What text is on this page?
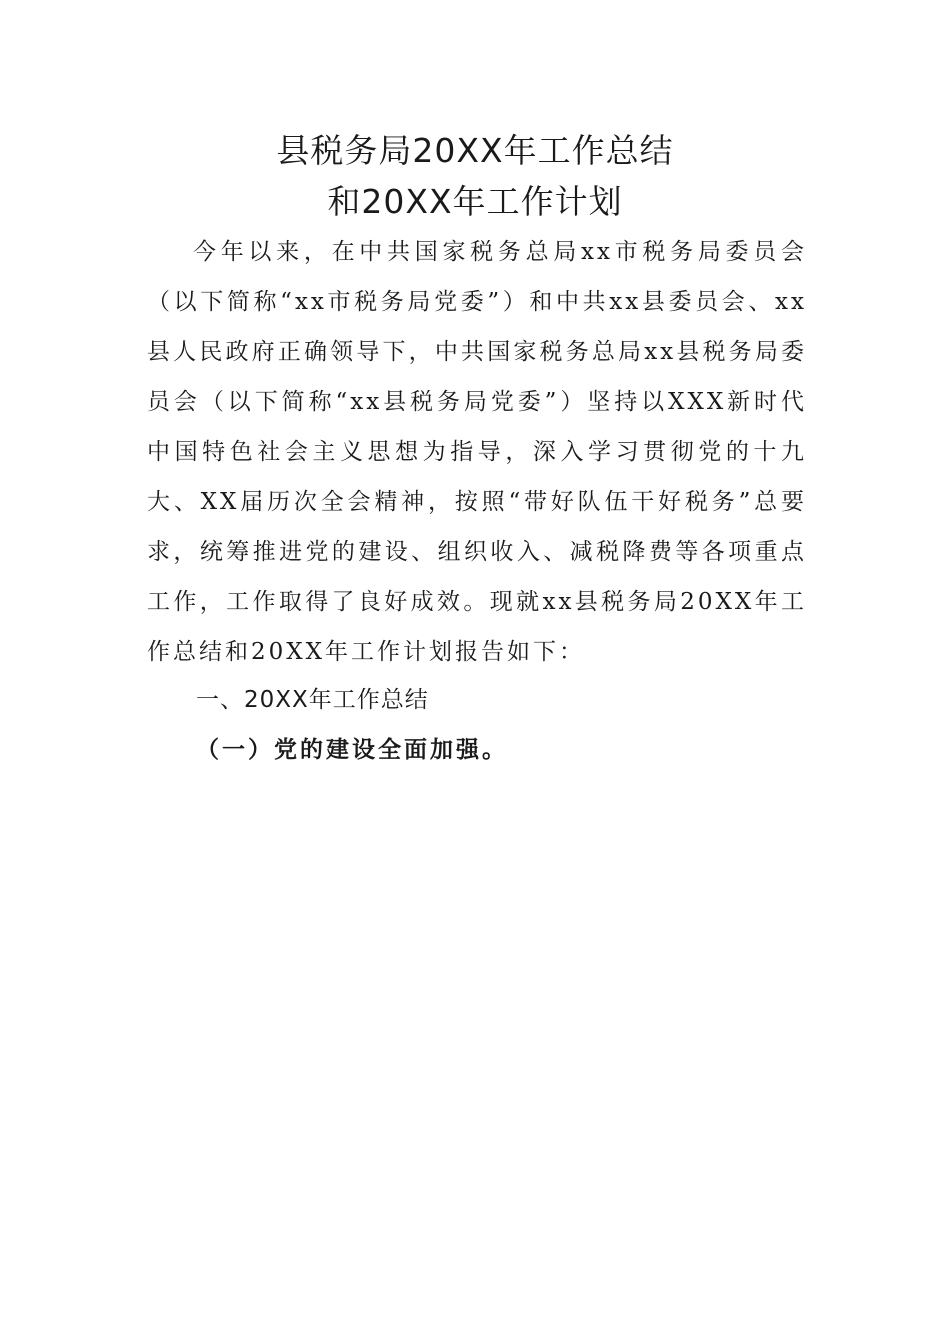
县税务局20XX年工作总结
和20XX年工作计划

今年以来，在中共国家税务总局xx市税务局委员会（以下简称“xx市税务局党委”）和中共xx县委员会、xx县人民政府正确领导下，中共国家税务总局xx县税务局委员会（以下简称“xx县税务局党委”）坚持以XXX新时代中国特色社会主义思想为指导，深入学习贯彻党的十九大、XX届历次全会精神，按照“带好队伍干好税务”总要求，统筹推进党的建设、组织收入、减税降费等各项重点工作，工作取得了良好成效。现就xx县税务局20XX年工作总结和20XX年工作计划报告如下：

一、20XX年工作总结
（一）党的建设全面加强。
